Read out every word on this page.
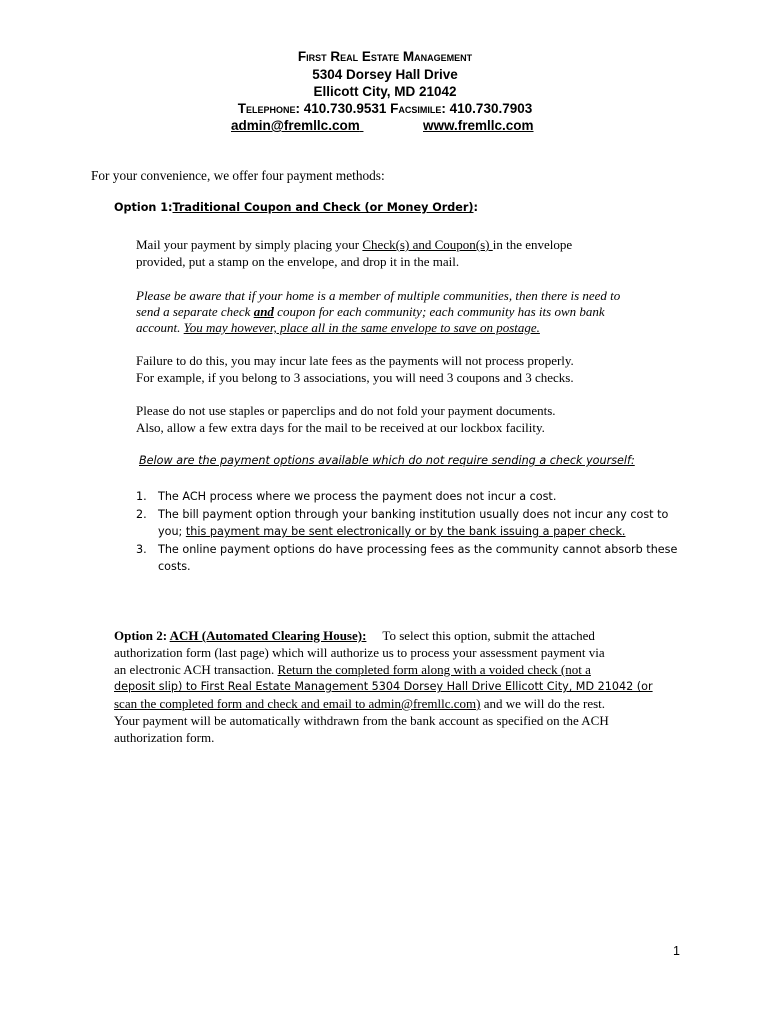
First Real Estate Management
5304 Dorsey Hall Drive
Ellicott City, MD 21042
Telephone: 410.730.9531 Facsimile: 410.730.7903
admin@fremllc.com	www.fremllc.com
For your convenience, we offer four payment methods:
Option 1:Traditional Coupon and Check (or Money Order):
Mail your payment by simply placing your Check(s) and Coupon(s) in the envelope
provided, put a stamp on the envelope, and drop it in the mail.
Please be aware that if your home is a member of multiple communities, then there is need to
send a separate check and coupon for each community; each community has its own bank
account. You may however, place all in the same envelope to save on postage.
Failure to do this, you may incur late fees as the payments will not process properly.
For example, if you belong to 3 associations, you will need 3 coupons and 3 checks.
Please do not use staples or paperclips and do not fold your payment documents.
Also, allow a few extra days for the mail to be received at our lockbox facility.
Below are the payment options available which do not require sending a check yourself:
1. The ACH process where we process the payment does not incur a cost.
2. The bill payment option through your banking institution usually does not incur any cost to
you; this payment may be sent electronically or by the bank issuing a paper check.
3. The online payment options do have processing fees as the community cannot absorb these
costs.
Option 2: ACH (Automated Clearing House):     To select this option, submit the attached
authorization form (last page) which will authorize us to process your assessment payment via
an electronic ACH transaction. Return the completed form along with a voided check (not a
deposit slip) to First Real Estate Management 5304 Dorsey Hall Drive Ellicott City, MD 21042 (or
scan the completed form and check and email to admin@fremllc.com) and we will do the rest.
Your payment will be automatically withdrawn from the bank account as specified on the ACH
authorization form.
1
